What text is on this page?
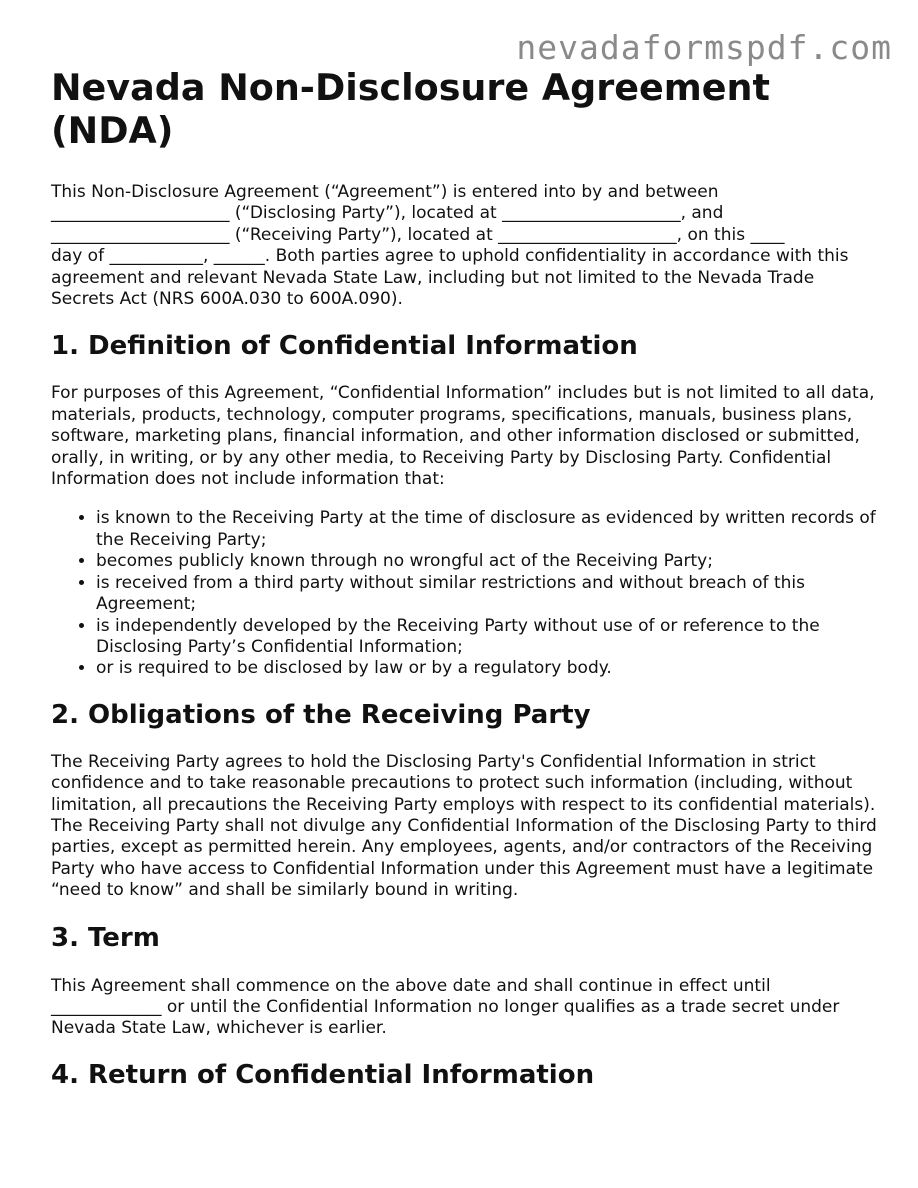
nevadaformspdf.com
Nevada Non-Disclosure Agreement (NDA)

This Non-Disclosure Agreement (“Agreement”) is entered into by and between
_____________________ (“Disclosing Party”), located at _____________________, and
_____________________ (“Receiving Party”), located at _____________________, on this ____
day of ___________, ______. Both parties agree to uphold confidentiality in accordance with this agreement and relevant Nevada State Law, including but not limited to the Nevada Trade Secrets Act (NRS 600A.030 to 600A.090).

1. Definition of Confidential Information

For purposes of this Agreement, “Confidential Information” includes but is not limited to all data, materials, products, technology, computer programs, specifications, manuals, business plans, software, marketing plans, financial information, and other information disclosed or submitted, orally, in writing, or by any other media, to Receiving Party by Disclosing Party. Confidential Information does not include information that:

• is known to the Receiving Party at the time of disclosure as evidenced by written records of the Receiving Party;
• becomes publicly known through no wrongful act of the Receiving Party;
• is received from a third party without similar restrictions and without breach of this Agreement;
• is independently developed by the Receiving Party without use of or reference to the Disclosing Party’s Confidential Information;
• or is required to be disclosed by law or by a regulatory body.
2. Obligations of the Receiving Party

The Receiving Party agrees to hold the Disclosing Party's Confidential Information in strict confidence and to take reasonable precautions to protect such information (including, without limitation, all precautions the Receiving Party employs with respect to its confidential materials). The Receiving Party shall not divulge any Confidential Information of the Disclosing Party to third parties, except as permitted herein. Any employees, agents, and/or contractors of the Receiving Party who have access to Confidential Information under this Agreement must have a legitimate “need to know” and shall be similarly bound in writing.

3. Term

This Agreement shall commence on the above date and shall continue in effect until
_____________ or until the Confidential Information no longer qualifies as a trade secret under Nevada State Law, whichever is earlier.

4. Return of Confidential Information
